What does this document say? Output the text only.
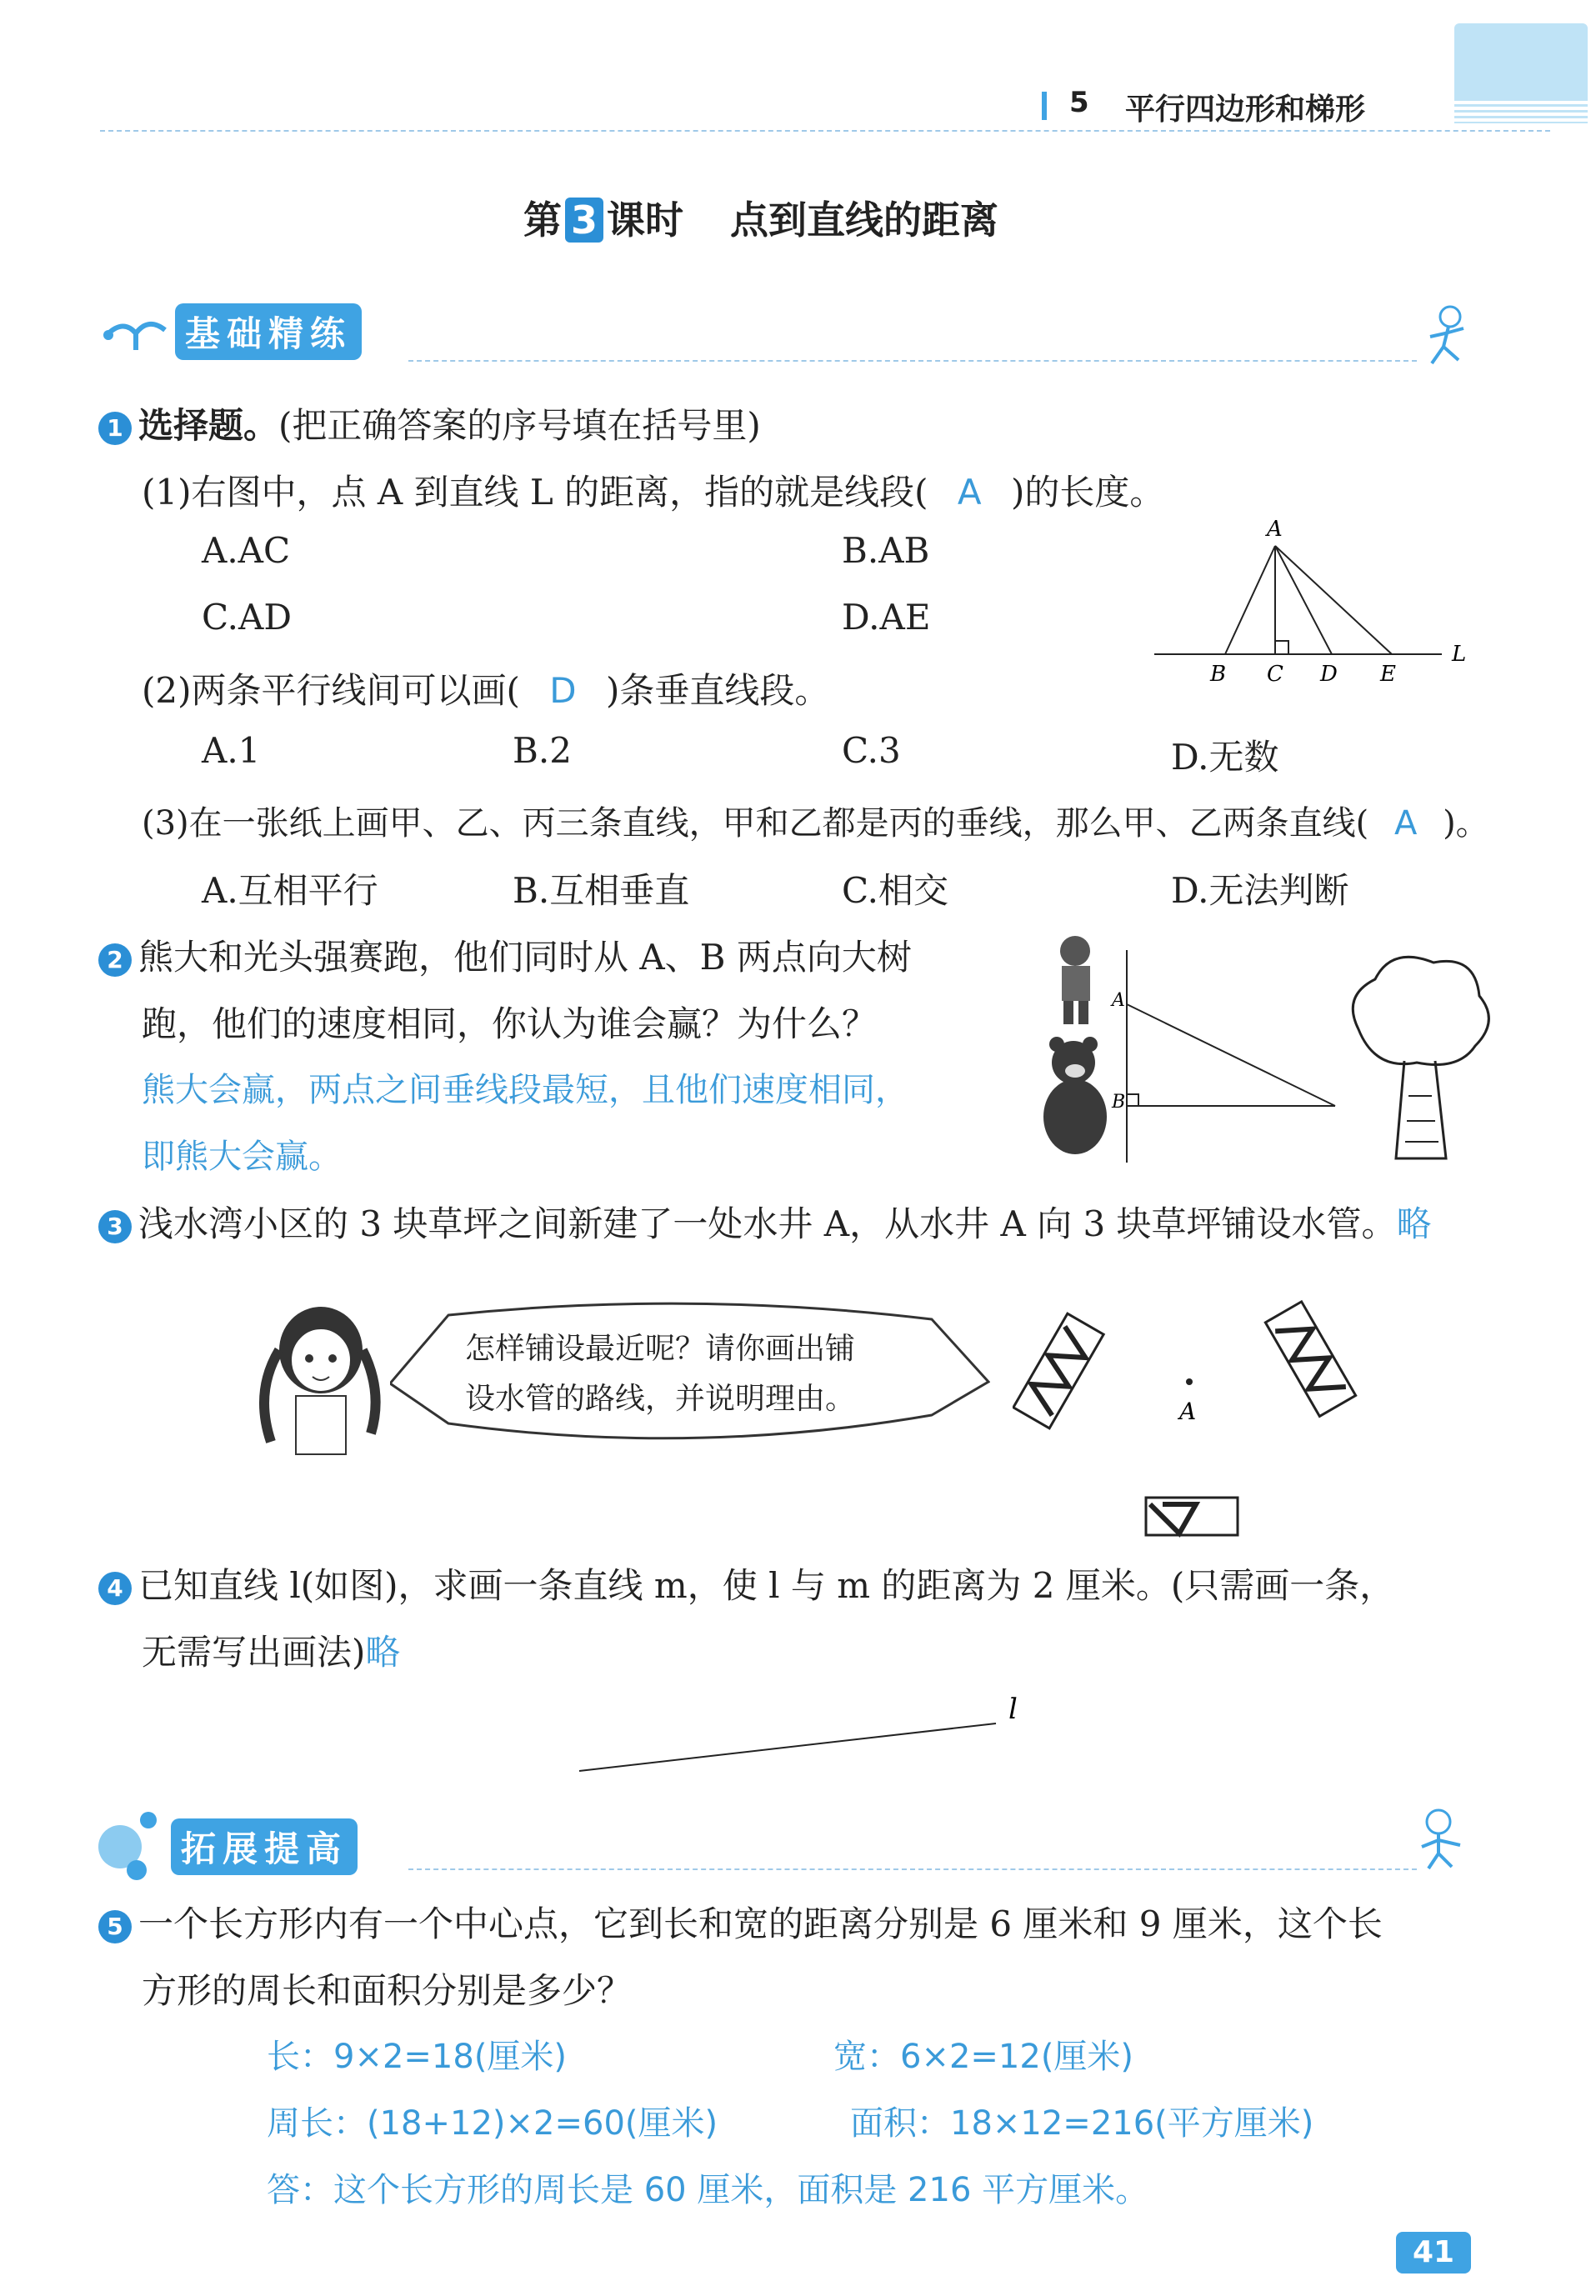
5 平行四边形和梯形
第 3 课时 点到直线的距离
基础精练
1 选择题。(把正确答案的序号填在括号里)
(1)右图中，点 A 到直线 L 的距离，指的就是线段( A )的长度。
A.AC	B.AB
C.AD	D.AE
A
B C D E
L
(2)两条平行线间可以画( D )条垂直线段。
A.1	B.2	C.3	D.无数
(3)在一张纸上画甲、乙、丙三条直线，甲和乙都是丙的垂线，那么甲、乙两条直线( A )。
A.互相平行	B.互相垂直	C.相交	D.无法判断
2 熊大和光头强赛跑，他们同时从 A、B 两点向大树
跑，他们的速度相同，你认为谁会赢？为什么？
熊大会赢，两点之间垂线段最短，且他们速度相同，
即熊大会赢。
A
B
3 浅水湾小区的 3 块草坪之间新建了一处水井 A，从水井 A 向 3 块草坪铺设水管。略
怎样铺设最近呢？请你画出铺
设水管的路线，并说明理由。	A
4 已知直线 l(如图)，求画一条直线 m，使 l 与 m 的距离为 2 厘米。(只需画一条，
无需写出画法)略
l
拓展提高
5 一个长方形内有一个中心点，它到长和宽的距离分别是 6 厘米和 9 厘米，这个长
方形的周长和面积分别是多少？
长：9×2=18(厘米)	宽：6×2=12(厘米)
周长：(18+12)×2=60(厘米)	面积：18×12=216(平方厘米)
答：这个长方形的周长是 60 厘米，面积是 216 平方厘米。
41
